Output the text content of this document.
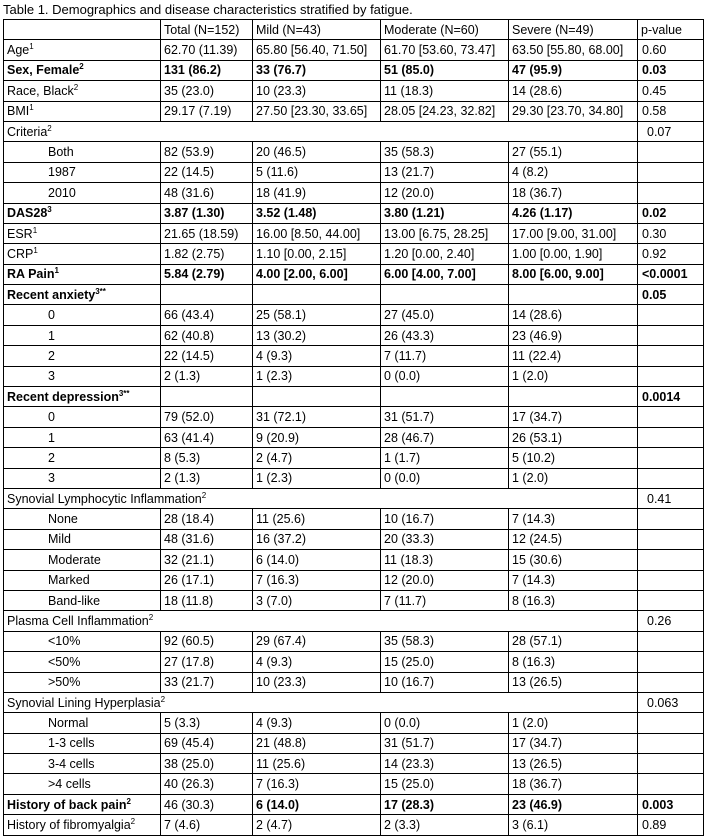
Table 1. Demographics and disease characteristics stratified by fatigue.
	Total (N=152)	Mild (N=43)	Moderate (N=60)	Severe (N=49)	p-value
Age$^1$	62.70 (11.39)	65.80 [56.40, 71.50]	61.70 [53.60, 73.47]	63.50 [55.80, 68.00]	0.60
Sex, Female$^2$	131 (86.2)	33 (76.7)	51 (85.0)	47 (95.9)	0.03
Race, Black$^2$	35 (23.0)	10 (23.3)	11 (18.3)	14 (28.6)	0.45
BMI$^1$	29.17 (7.19)	27.50 [23.30, 33.65]	28.05 [24.23, 32.82]	29.30 [23.70, 34.80]	0.58
Criteria$^2$					0.07
Both	82 (53.9)	20 (46.5)	35 (58.3)	27 (55.1)	
1987	22 (14.5)	5 (11.6)	13 (21.7)	4 (8.2)	
2010	48 (31.6)	18 (41.9)	12 (20.0)	18 (36.7)	
$DAS28^3$	3.87 (1.30)	3.52 (1.48)	3.80 (1.21)	4.26 (1.17)	0.02
ESR$^1$	21.65 (18.59)	16.00 [8.50, 44.00]	13.00 [6.75, 28.25]	17.00 [9.00, 31.00]	0.30
CRP$^1$	1.82 (2.75)	1.10 [0.00, 2.15]	1.20 [0.00, 2.40]	1.00 [0.00, 1.90]	0.92
RA Pain$^1$	5.84 (2.79)	4.00 [2.00, 6.00]	6.00 [4.00, 7.00]	8.00 [6.00, 9.00]	<0.0001
Recent anxiety$^{3**}$					0.05
0	66 (43.4)	25 (58.1)	27 (45.0)	14 (28.6)	
1	62 (40.8)	13 (30.2)	26 (43.3)	23 (46.9)	
2	22 (14.5)	4 (9.3)	7 (11.7)	11 (22.4)	
3	2 (1.3)	1 (2.3)	0 (0.0)	1 (2.0)	
Recent depression$^{3**}$					0.0014
0	79 (52.0)	31 (72.1)	31 (51.7)	17 (34.7)	
1	63 (41.4)	9 (20.9)	28 (46.7)	26 (53.1)	
2	8 (5.3)	2 (4.7)	1 (1.7)	5 (10.2)	
3	2 (1.3)	1 (2.3)	0 (0.0)	1 (2.0)	
Synovial Lymphocytic Inflammation$^2$					0.41
None	28 (18.4)	11 (25.6)	10 (16.7)	7 (14.3)	
Mild	48 (31.6)	16 (37.2)	20 (33.3)	12 (24.5)	
Moderate	32 (21.1)	6 (14.0)	11 (18.3)	15 (30.6)	
Marked	26 (17.1)	7 (16.3)	12 (20.0)	7 (14.3)	
Band-like	18 (11.8)	3 (7.0)	7 (11.7)	8 (16.3)	
Plasma Cell Inflammation$^2$					0.26
<10%	92 (60.5)	29 (67.4)	35 (58.3)	28 (57.1)	
<50%	27 (17.8)	4 (9.3)	15 (25.0)	8 (16.3)	
>50%	33 (21.7)	10 (23.3)	10 (16.7)	13 (26.5)	
Synovial Lining Hyperplasia$^2$					0.063
Normal	5 (3.3)	4 (9.3)	0 (0.0)	1 (2.0)	
1-3 cells	69 (45.4)	21 (48.8)	31 (51.7)	17 (34.7)	
3-4 cells	38 (25.0)	11 (25.6)	14 (23.3)	13 (26.5)	
>4 cells	40 (26.3)	7 (16.3)	15 (25.0)	18 (36.7)	
History of back pain$^2$	46 (30.3)	6 (14.0)	17 (28.3)	23 (46.9)	0.003
History of fibromyalgia$^2$	7 (4.6)	2 (4.7)	2 (3.3)	3 (6.1)	0.89
